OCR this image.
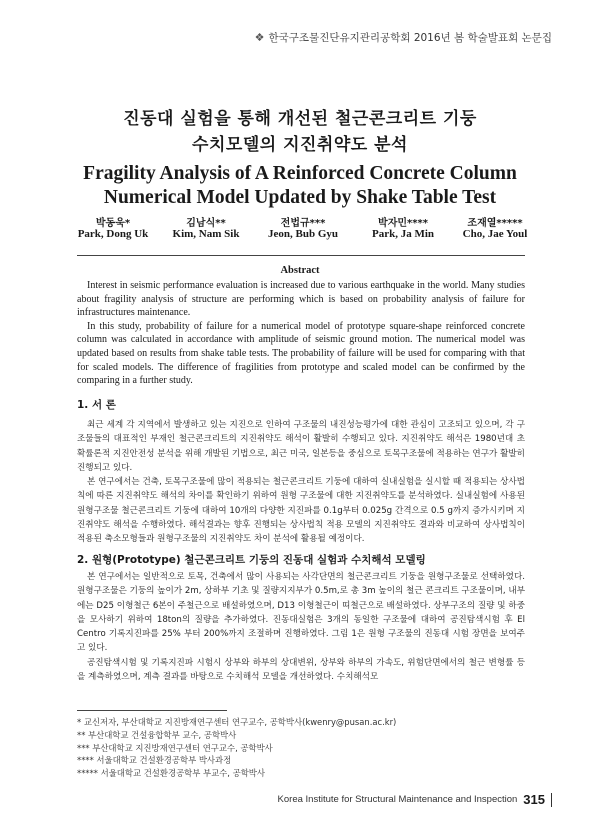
❖ 한국구조물진단유지관리공학회 2016년 봄 학술발표회 논문집
진동대 실험을 통해 개선된 철근콘크리트 기둥
수치모델의 지진취약도 분석
Fragility Analysis of A Reinforced Concrete Column
Numerical Model Updated by Shake Table Test
박동욱*
Park, Dong Uk
김남식**
Kim, Nam Sik
전법규***
Jeon, Bub Gyu
박자민****
Park, Ja Min
조재열*****
Cho, Jae Youl
Abstract

Interest in seismic performance evaluation is increased due to various earthquake in the world. Many studies about fragility analysis of structure are performing which is based on probability analysis of failure for infrastructures maintenance.

In this study, probability of failure for a numerical model of prototype square-shape reinforced concrete column was calculated in accordance with amplitude of seismic ground motion. The numerical model was updated based on results from shake table tests. The probability of failure will be used for comparing with that for scaled models. The difference of fragilities from prototype and scaled model can be confirmed by the comparing in a further study.

1. 서 론

최근 세계 각 지역에서 발생하고 있는 지진으로 인하여 구조물의 내진성능평가에 대한 관심이 고조되고 있으며, 각 구조물들의 대표적인 부재인 철근콘크리트의 지진취약도 해석이 활발히 수행되고 있다. 지진취약도 해석은 1980년대 초 확률론적 지진안전성 분석을 위해 개발된 기법으로, 최근 미국, 일본등을 중심으로 토목구조물에 적용하는 연구가 활발히 진행되고 있다.

본 연구에서는 건축, 토목구조물에 많이 적용되는 철근콘크리트 기둥에 대하여 실내실험을 실시할 때 적용되는 상사법칙에 따른 지진취약도 해석의 차이를 확인하기 위하여 원형 구조물에 대한 지진취약도를 분석하였다. 실내실험에 사용된 원형구조물 철근콘크리트 기둥에 대하여 10개의 다양한 지진파를 0.1g부터 0.025g 간격으로 0.5 g까지 증가시키며 지진취약도 해석을 수행하였다. 해석결과는 향후 진행되는 상사법칙 적용 모델의 지진취약도 결과와 비교하여 상사법칙이 적용된 축소모형들과 원형구조물의 지진취약도 차이 분석에 활용될 예정이다.

2. 원형(Prototype) 철근콘크리트 기둥의 진동대 실험과 수치해석 모델링

본 연구에서는 일반적으로 토목, 건축에서 많이 사용되는 사각단면의 철근콘크리트 기둥을 원형구조물로 선택하였다. 원형구조물은 기둥의 높이가 2m, 상하부 기초 및 질량지지부가 0.5m,로 총 3m 높이의 철근 콘크리트 구조물이며, 내부에는 D25 이형철근 6본이 주철근으로 배설하였으며, D13 이형철근이 띠철근으로 배설하였다. 상부구조의 질량 및 하중을 모사하기 위하여 18ton의 질량을 추가하였다. 진동대실험은 3개의 동일한 구조물에 대하여 공진탐색시험 후 El Centro 기록지진파를 25% 부터 200%까지 조절하며 진행하였다. 그림 1은 원형 구조물의 진동대 시험 장면을 보여주고 있다.

공진탐색시험 및 기록지진파 시험시 상부와 하부의 상대변위, 상부와 하부의 가속도, 위험단면에서의 철근 변형률 등을 계측하였으며, 계측 결과를 바탕으로 수치해석 모델을 개선하였다. 수치해석모

* 교신저자, 부산대학교 지진방재연구센터 연구교수, 공학박사(kwenry@pusan.ac.kr)
** 부산대학교 건설융합학부 교수, 공학박사
*** 부산대학교 지진방재연구센터 연구교수, 공학박사
**** 서울대학교 건설환경공학부 박사과정
***** 서울대학교 건설환경공학부 부교수, 공학박사
Korea Institute for Structural Maintenance and Inspection 315
